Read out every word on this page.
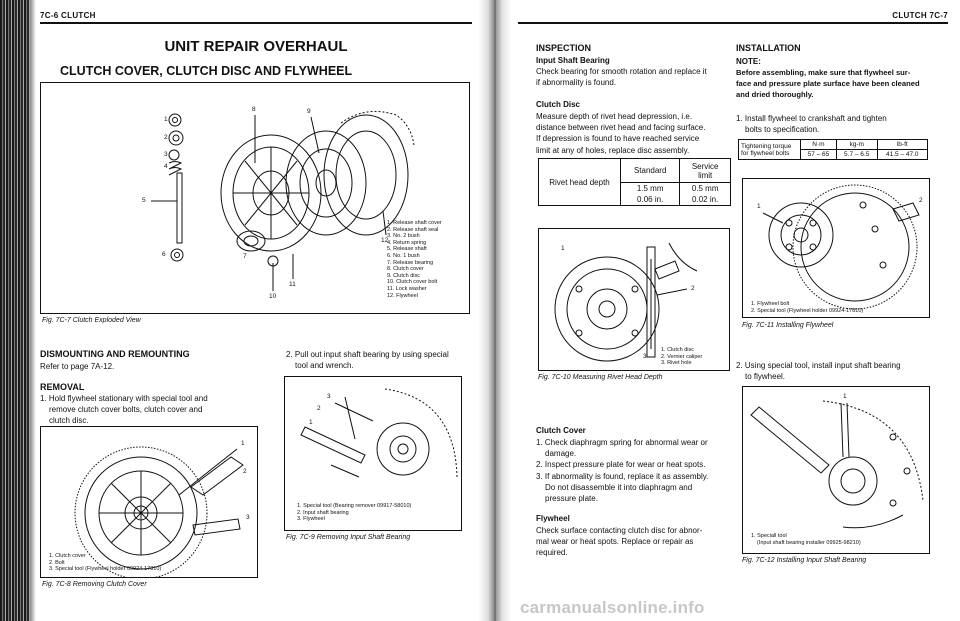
7C-6 CLUTCH
UNIT REPAIR OVERHAUL
CLUTCH COVER, CLUTCH DISC AND FLYWHEEL
1
2
3
4
5
6	7
8	9
10
11
12
1. Release shaft cover
2. Release shaft seal
3. No. 2 bush
4. Return spring
5. Release shaft
6. No. 1 bush
7. Release bearing
8. Clutch cover
9. Clutch disc
10. Clutch cover bolt
11. Lock washer
12. Flywheel
Fig. 7C-7 Clutch Exploded View
DISMOUNTING AND REMOUNTING
Refer to page 7A-12.
REMOVAL
1. Hold flywheel stationary with special tool and
remove clutch cover bolts, clutch cover and
clutch disc.
2. Pull out input shaft bearing by using special
tool and wrench.
1
2
3
1. Clutch cover
2. Bolt
3. Special tool (Flywheel holder 09924-17810)
Fig. 7C-8 Removing Clutch Cover
3
2
1
1. Special tool (Bearing remover 09917-58010)
2. Input shaft bearing
3. Flywheel
Fig. 7C-9 Removing Input Shaft Bearing
CLUTCH 7C-7
INSPECTION
Input Shaft Bearing
Check bearing for smooth rotation and replace it
if abnormality is found.
Clutch Disc
Measure depth of rivet head depression, i.e.
distance between rivet head and facing surface.
If depression is found to have reached service
limit at any of holes, replace disc assembly.
Rivet head depth	Standard	Service
limit

	1.5 mm	0.5 mm
	0.06 in.	0.02 in.
1
2
3
1. Clutch disc
2. Vernier caliper
3. Rivet hole
Fig. 7C-10 Measuring Rivet Head Depth
Clutch Cover
1. Check diaphragm spring for abnormal wear or
damage.
2. Inspect pressure plate for wear or heat spots.
3. If abnormality is found, replace it as assembly.
Do not disassemble it into diaphragm and
pressure plate.
Flywheel
Check surface contacting clutch disc for abnor-
mal wear or heat spots. Replace or repair as
required.
INSTALLATION
NOTE:
Before assembling, make sure that flywheel sur-
face and pressure plate surface have been cleaned
and dried thoroughly.
1. Install flywheel to crankshaft and tighten
bolts to specification.
Tightening torque
for flywheel bolts	N·m	kg-m	lb-ft
	57 – 65	5.7 – 6.5	41.5 – 47.0
1
2
1. Flywheel bolt
2. Special tool (Flywheel holder 09924-17810)
Fig. 7C-11 Installing Flywheel
2. Using special tool, install input shaft bearing
to flywheel.
1
1. Speciall tool
(Input shaft bearing installer 09925-98210)
Fig. 7C-12 Installing Input Shaft Bearing
carmanualsonline.info
